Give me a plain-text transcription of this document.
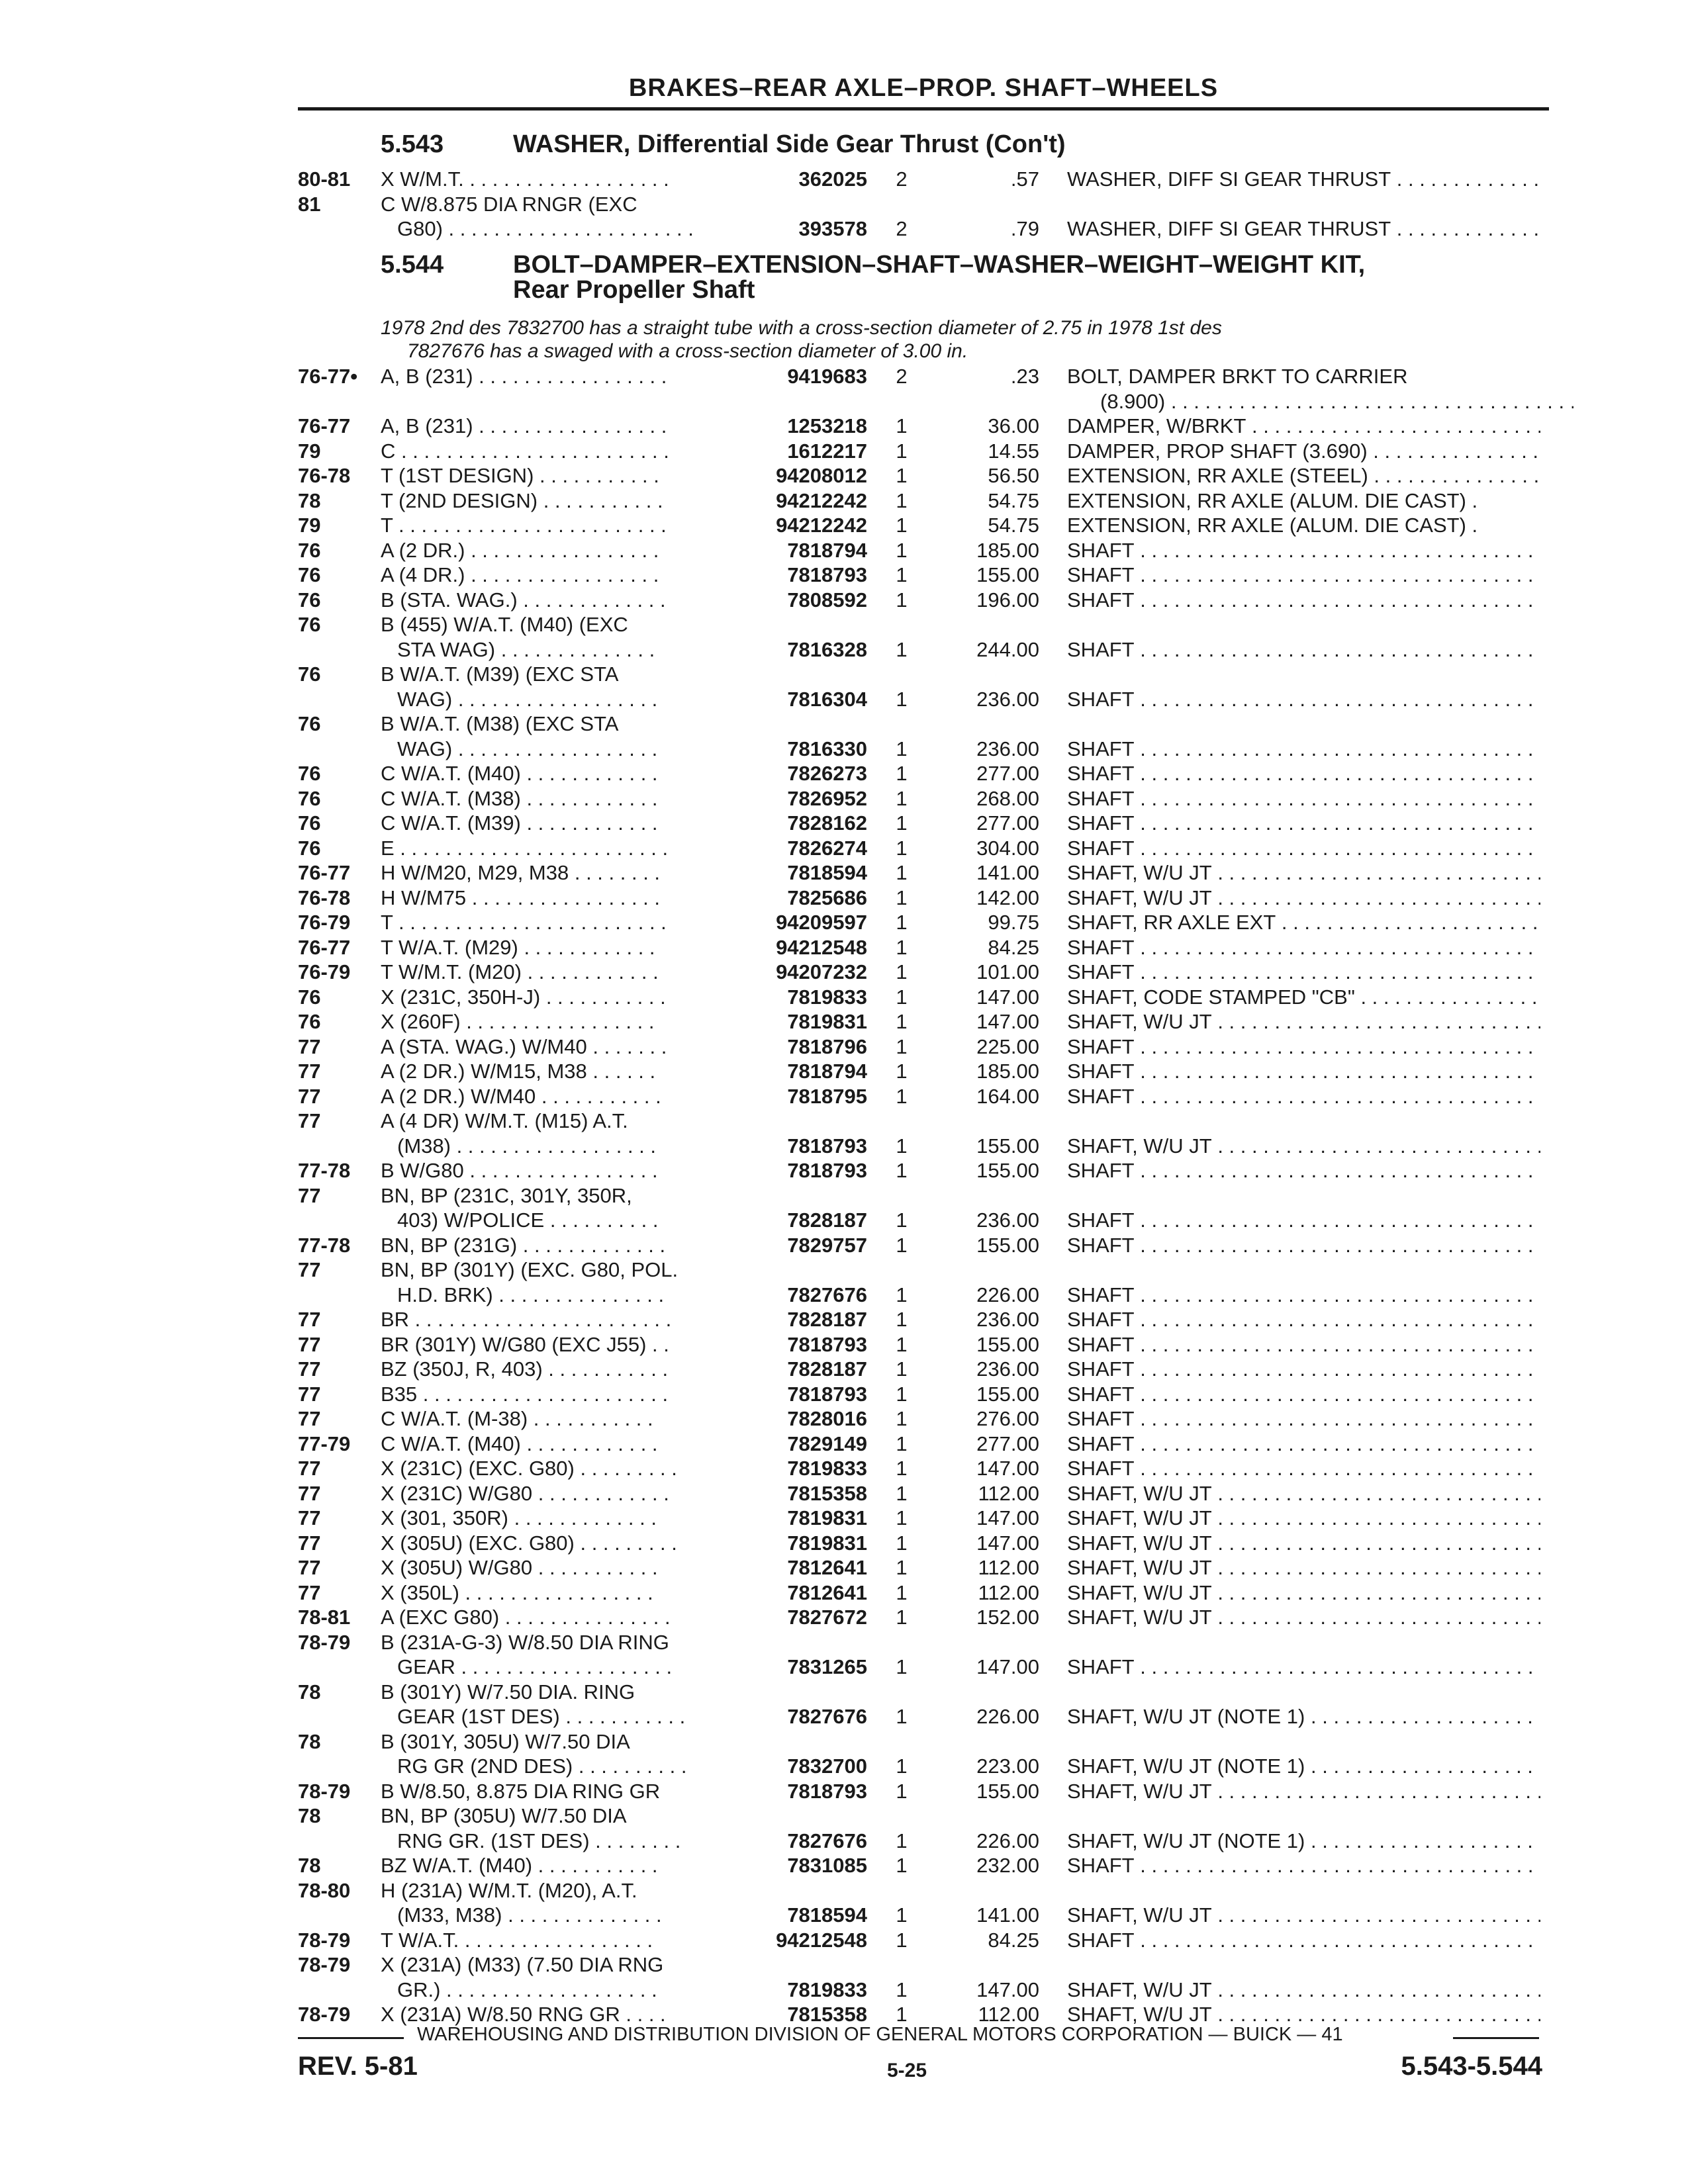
BRAKES–REAR AXLE–PROP. SHAFT–WHEELS
5.543	WASHER, Differential Side Gear Thrust (Con't)
80-81 X W/M.T. . . . . . . . . . . . . . . . . . .	362025 2	.57 WASHER, DIFF SI GEAR THRUST . . .
81	C W/8.875 DIA RNGR (EXC
G80) . . . . . . . . . . . . . . . . . . . . . .	393578 2	.79 WASHER, DIFF SI GEAR THRUST . . .
5.544	BOLT–DAMPER–EXTENSION–SHAFT–WASHER–WEIGHT–WEIGHT KIT,
Rear Propeller Shaft
1978 2nd des 7832700 has a straight tube with a cross-section diameter of 2.75 in 1978 1st des
7827676 has a swaged with a cross-section diameter of 3.00 in.
76-77• A, B (231) . . . . . . . . . . . . . . . . .	9419683 2	.23 BOLT, DAMPER BRKT TO CARRIER
(8.900) . . .
76-77 A, B (231) . . . . . . . . . . . . . . . . .	1253218 1	36.00 DAMPER, W/BRKT . . .
79	C . . . . . . . . . . . . . . . . . . . . . . . .	1612217 1	14.55 DAMPER, PROP SHAFT (3.690) . . .
76-78 T (1ST DESIGN) . . . . . . . . . . .	94208012 1	56.50 EXTENSION, RR AXLE (STEEL) . . .
78	T (2ND DESIGN) . . . . . . . . . . .	94212242 1	54.75 EXTENSION, RR AXLE (ALUM. DIE CAST) .
79	T . . . . . . . . . . . . . . . . . . . . . . . .	94212242 1	54.75 EXTENSION, RR AXLE (ALUM. DIE CAST) .
76	A (2 DR.) . . . . . . . . . . . . . . . . .	7818794 1	185.00 SHAFT . . .
76	A (4 DR.) . . . . . . . . . . . . . . . . .	7818793 1	155.00 SHAFT . . .
76	B (STA. WAG.) . . . . . . . . . . . . .	7808592 1	196.00 SHAFT . . .
76	B (455) W/A.T. (M40) (EXC
STA WAG) . . . . . . . . . . . . . .	7816328 1	244.00 SHAFT . . .
76	B W/A.T. (M39) (EXC STA
WAG) . . . . . . . . . . . . . . . . . .	7816304 1	236.00 SHAFT . . .
76	B W/A.T. (M38) (EXC STA
WAG) . . . . . . . . . . . . . . . . . .	7816330 1	236.00 SHAFT . . .
76	C W/A.T. (M40) . . . . . . . . . . . .	7826273 1	277.00 SHAFT . . .
76	C W/A.T. (M38) . . . . . . . . . . . .	7826952 1	268.00 SHAFT . . .
76	C W/A.T. (M39) . . . . . . . . . . . .	7828162 1	277.00 SHAFT . . .
76	E . . . . . . . . . . . . . . . . . . . . . . . .	7826274 1	304.00 SHAFT . . .
76-77 H W/M20, M29, M38 . . . . . . . .	7818594 1	141.00 SHAFT, W/U JT . . .
76-78 H W/M75 . . . . . . . . . . . . . . . . .	7825686 1	142.00 SHAFT, W/U JT . . .
76-79 T . . . . . . . . . . . . . . . . . . . . . . . .	94209597 1	99.75 SHAFT, RR AXLE EXT . . .
76-77 T W/A.T. (M29) . . . . . . . . . . . .	94212548 1	84.25 SHAFT . . .
76-79 T W/M.T. (M20) . . . . . . . . . . . .	94207232 1	101.00 SHAFT . . .
76	X (231C, 350H-J) . . . . . . . . . . .	7819833 1	147.00 SHAFT, CODE STAMPED "CB" . . .
76	X (260F) . . . . . . . . . . . . . . . . .	7819831 1	147.00 SHAFT, W/U JT . . .
77	A (STA. WAG.) W/M40 . . . . . . .	7818796 1	225.00 SHAFT . . .
77	A (2 DR.) W/M15, M38 . . . . . .	7818794 1	185.00 SHAFT . . .
77	A (2 DR.) W/M40 . . . . . . . . . . .	7818795 1	164.00 SHAFT . . .
77	A (4 DR) W/M.T. (M15) A.T.
(M38) . . . . . . . . . . . . . . . . . .	7818793 1	155.00 SHAFT, W/U JT . . .
77-78 B W/G80 . . . . . . . . . . . . . . . . .	7818793 1	155.00 SHAFT . . .
77	BN, BP (231C, 301Y, 350R,
403) W/POLICE . . . . . . . . . .	7828187 1	236.00 SHAFT . . .
77-78 BN, BP (231G) . . . . . . . . . . . . .	7829757 1	155.00 SHAFT . . .
77	BN, BP (301Y) (EXC. G80, POL.
H.D. BRK) . . . . . . . . . . . . . . .	7827676 1	226.00 SHAFT . . .
77	BR . . . . . . . . . . . . . . . . . . . . . . .	7828187 1	236.00 SHAFT . . .
77	BR (301Y) W/G80 (EXC J55) . .	7818793 1	155.00 SHAFT . . .
77	BZ (350J, R, 403) . . . . . . . . . . .	7828187 1	236.00 SHAFT . . .
77	B35 . . . . . . . . . . . . . . . . . . . . . .	7818793 1	155.00 SHAFT . . .
77	C W/A.T. (M-38) . . . . . . . . . . .	7828016 1	276.00 SHAFT . . .
77-79 C W/A.T. (M40) . . . . . . . . . . . .	7829149 1	277.00 SHAFT . . .
77	X (231C) (EXC. G80) . . . . . . . . .	7819833 1	147.00 SHAFT . . .
77	X (231C) W/G80 . . . . . . . . . . . .	7815358 1	112.00 SHAFT, W/U JT . . .
77	X (301, 350R) . . . . . . . . . . . . .	7819831 1	147.00 SHAFT, W/U JT . . .
77	X (305U) (EXC. G80) . . . . . . . . .	7819831 1	147.00 SHAFT, W/U JT . . .
77	X (305U) W/G80 . . . . . . . . . . .	7812641 1	112.00 SHAFT, W/U JT . . .
77	X (350L) . . . . . . . . . . . . . . . . .	7812641 1	112.00 SHAFT, W/U JT . . .
78-81 A (EXC G80) . . . . . . . . . . . . . . .	7827672 1	152.00 SHAFT, W/U JT . . .
78-79 B (231A-G-3) W/8.50 DIA RING
GEAR . . . . . . . . . . . . . . . . . . .	7831265 1	147.00 SHAFT . . .
78	B (301Y) W/7.50 DIA. RING
GEAR (1ST DES) . . . . . . . . . . .	7827676 1	226.00 SHAFT, W/U JT (NOTE 1) . . .
78	B (301Y, 305U) W/7.50 DIA
RG GR (2ND DES) . . . . . . . . . .	7832700 1	223.00 SHAFT, W/U JT (NOTE 1) . . .
78-79 B W/8.50, 8.875 DIA RING GR	7818793 1	155.00 SHAFT, W/U JT . . .
78	BN, BP (305U) W/7.50 DIA
RNG GR. (1ST DES) . . . . . . . .	7827676 1	226.00 SHAFT, W/U JT (NOTE 1) . . .
78	BZ W/A.T. (M40) . . . . . . . . . . .	7831085 1	232.00 SHAFT . . .
78-80 H (231A) W/M.T. (M20), A.T.
(M33, M38) . . . . . . . . . . . . . .	7818594 1	141.00 SHAFT, W/U JT . . .
78-79 T W/A.T. . . . . . . . . . . . . . . . . .	94212548 1	84.25 SHAFT . . .
78-79 X (231A) (M33) (7.50 DIA RNG
GR.) . . . . . . . . . . . . . . . . . . .	7819833 1	147.00 SHAFT, W/U JT . . .
78-79 X (231A) W/8.50 RNG GR . . . .	7815358 1	112.00 SHAFT, W/U JT . . .
WAREHOUSING AND DISTRIBUTION DIVISION OF GENERAL MOTORS CORPORATION — BUICK — 41
REV. 5-81	5-25	5.543-5.544
